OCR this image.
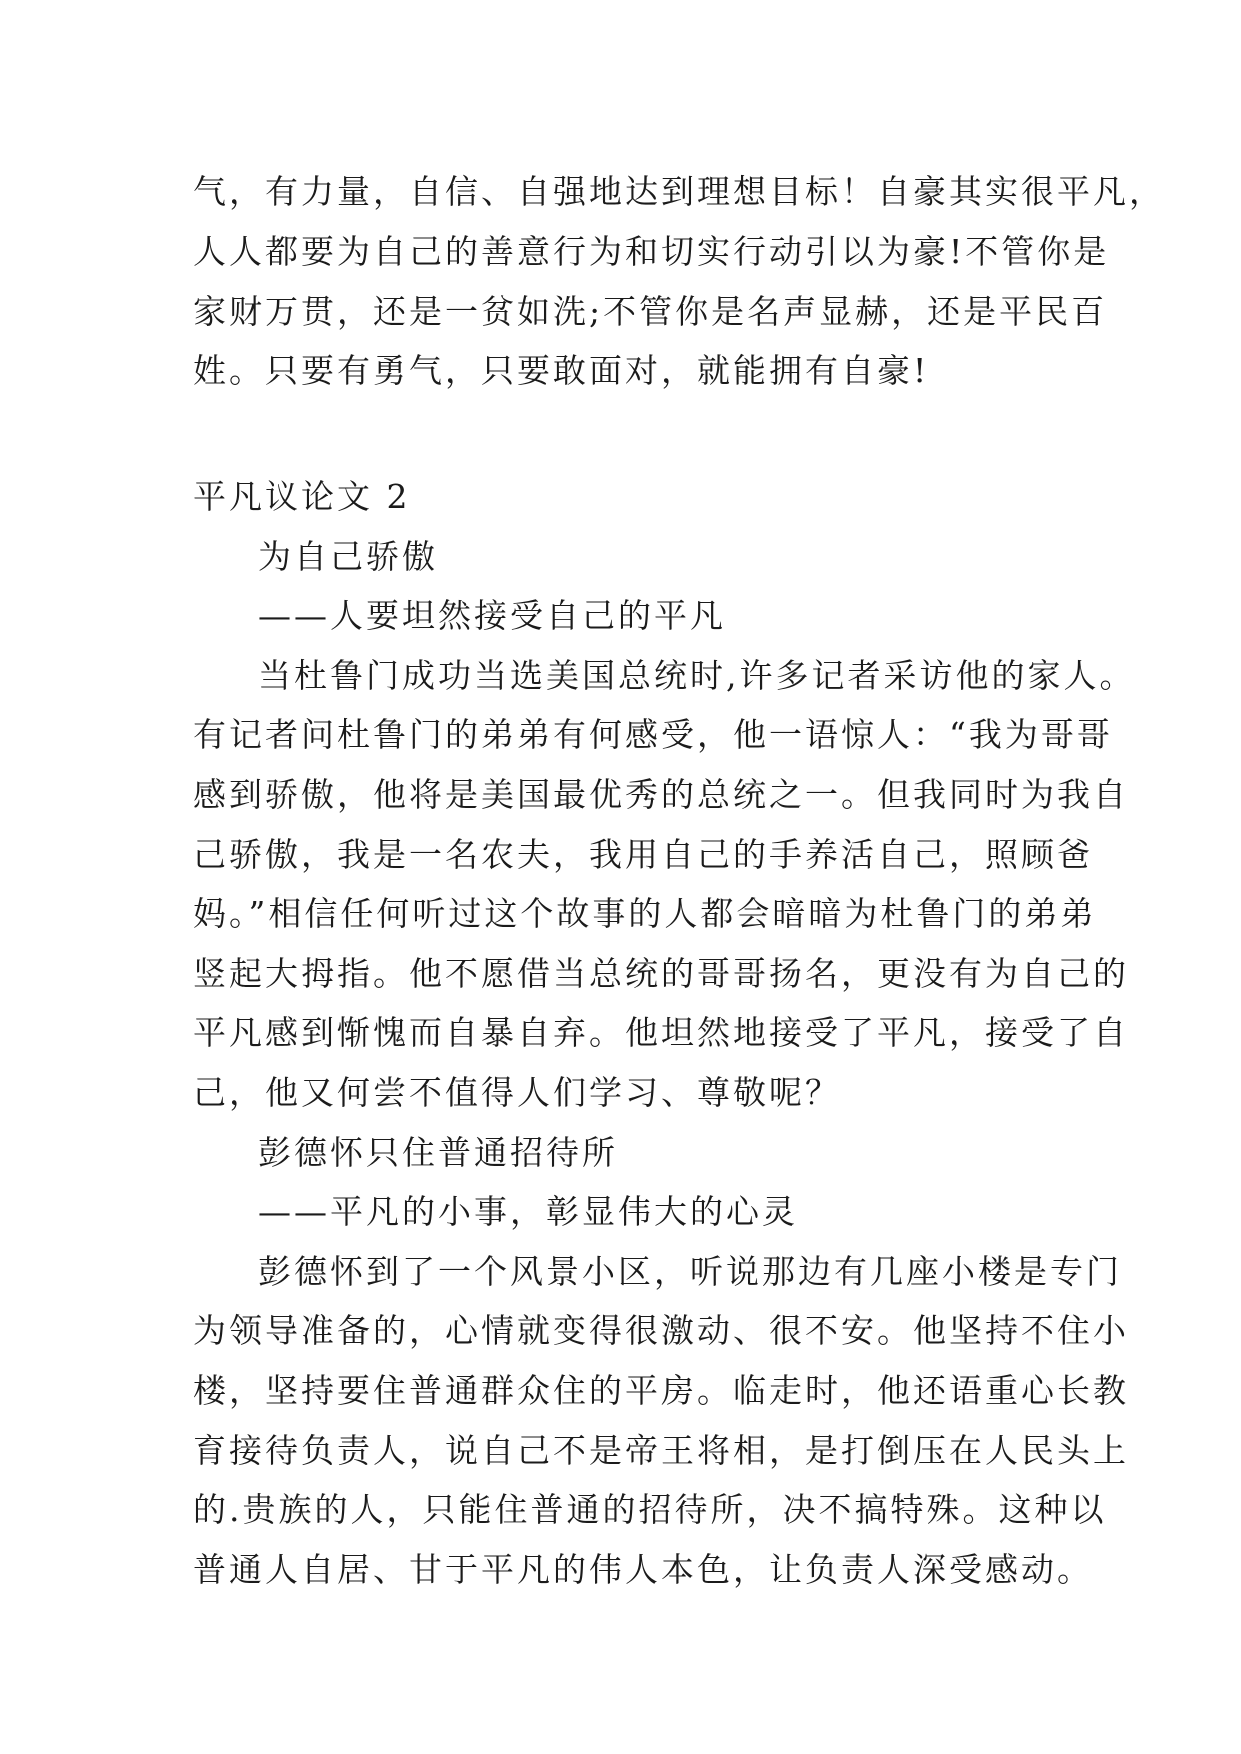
气，有力量，自信、自强地达到理想目标！自豪其实很平凡，
人人都要为自己的善意行为和切实行动引以为豪!不管你是
家财万贯，还是一贫如洗;不管你是名声显赫，还是平民百
姓。只要有勇气，只要敢面对，就能拥有自豪!
平凡议论文 2
为自己骄傲
——人要坦然接受自己的平凡
当杜鲁门成功当选美国总统时,许多记者采访他的家人。
有记者问杜鲁门的弟弟有何感受，他一语惊人：“我为哥哥
感到骄傲，他将是美国最优秀的总统之一。但我同时为我自
己骄傲，我是一名农夫，我用自己的手养活自己，照顾爸
妈。”相信任何听过这个故事的人都会暗暗为杜鲁门的弟弟
竖起大拇指。他不愿借当总统的哥哥扬名，更没有为自己的
平凡感到惭愧而自暴自弃。他坦然地接受了平凡，接受了自
己，他又何尝不值得人们学习、尊敬呢？
彭德怀只住普通招待所
——平凡的小事，彰显伟大的心灵
彭德怀到了一个风景小区，听说那边有几座小楼是专门
为领导准备的，心情就变得很激动、很不安。他坚持不住小
楼，坚持要住普通群众住的平房。临走时，他还语重心长教
育接待负责人，说自己不是帝王将相，是打倒压在人民头上
的.贵族的人，只能住普通的招待所，决不搞特殊。这种以
普通人自居、甘于平凡的伟人本色，让负责人深受感动。
